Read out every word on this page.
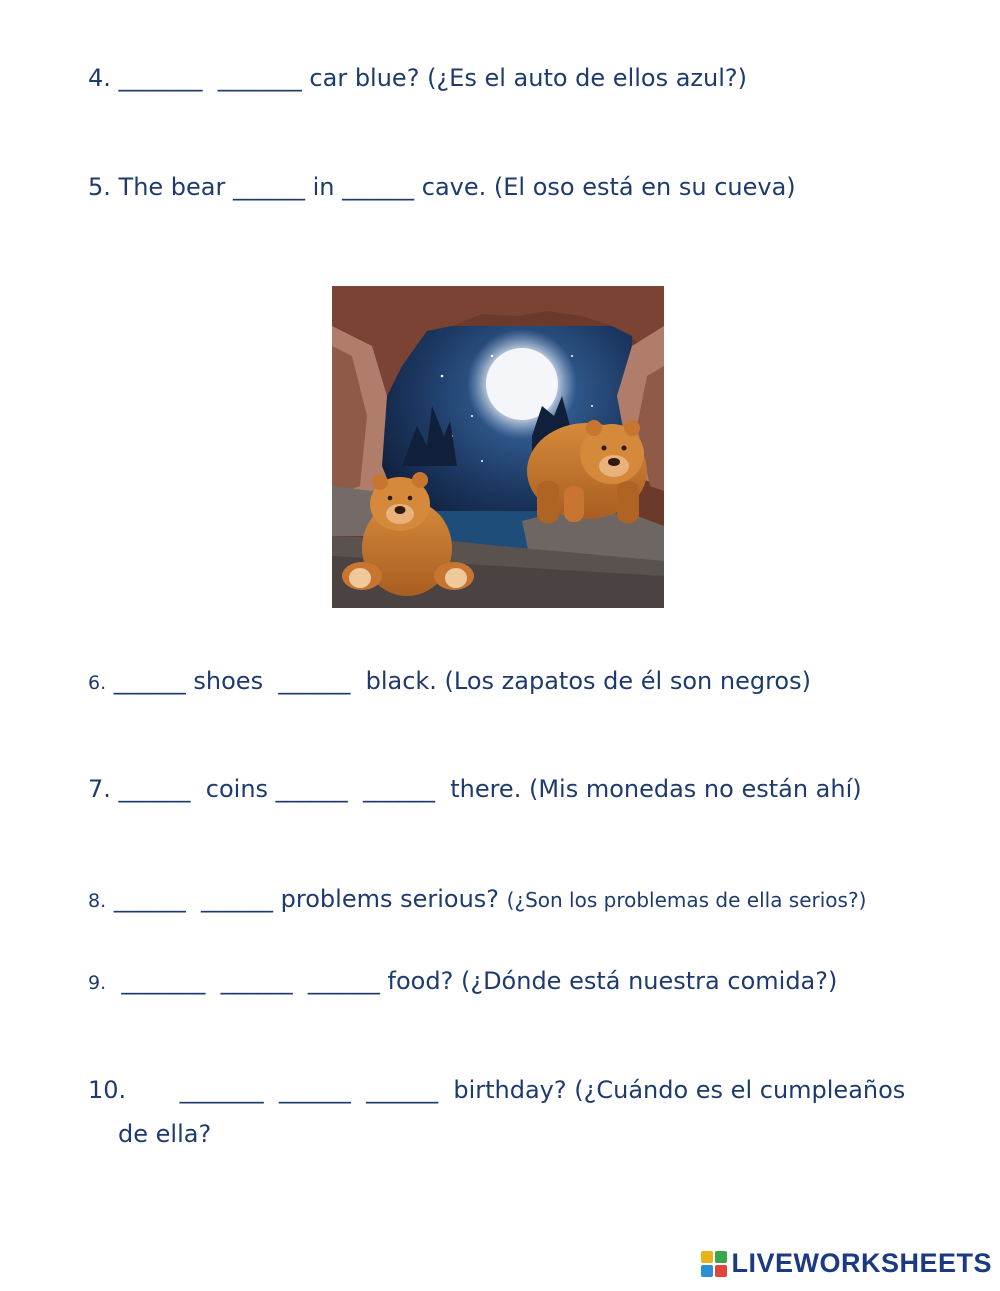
4. _______  _______ car blue? (¿Es el auto de ellos azul?)
5. The bear ______ in ______ cave. (El oso está en su cueva)
6. ______ shoes  ______  black. (Los zapatos de él son negros)
7. ______  coins ______  ______  there. (Mis monedas no están ahí)
8. ______  ______ problems serious? (¿Son los problemas de ella serios?)
9.  _______  ______  ______ food? (¿Dónde está nuestra comida?)
10.       _______  ______  ______  birthday? (¿Cuándo es el cumpleaños
de ella?
LIVEWORKSHEETS
